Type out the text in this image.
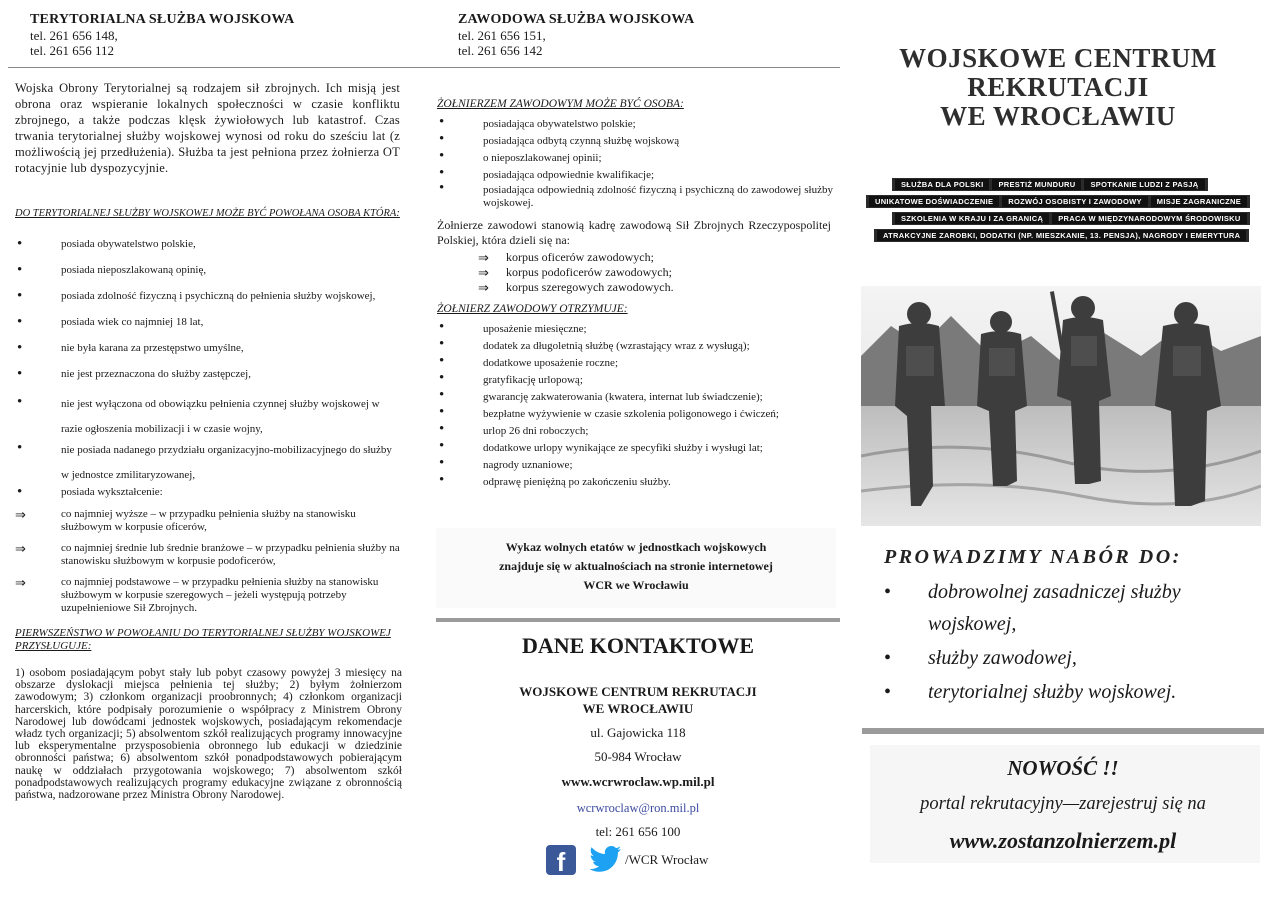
TERYTORIALNA SŁUŻBA WOJSKOWA
tel. 261 656 148,
tel. 261 656 112
ZAWODOWA SŁUŻBA WOJSKOWA
tel. 261 656 151,
tel. 261 656 142
Wojska Obrony Terytorialnej są rodzajem sił zbrojnych. Ich misją jest obrona oraz wspieranie lokalnych społeczności w czasie konfliktu zbrojnego, a także podczas klęsk żywiołowych lub katastrof. Czas trwania terytorialnej służby wojskowej wynosi od roku do sześciu lat (z możliwością jej przedłużenia). Służba ta jest pełniona przez żołnierza OT rotacyjnie lub dyspozycyjnie.
DO TERYTORIALNEJ SŁUŻBY WOJSKOWEJ MOŻE BYĆ POWOŁANA OSOBA KTÓRA:
• posiada obywatelstwo polskie,
• posiada nieposzlakowaną opinię,
• posiada zdolność fizyczną i psychiczną do pełnienia służby wojskowej,
• posiada wiek co najmniej 18 lat,
• nie była karana za przestępstwo umyślne,
• nie jest przeznaczona do służby zastępczej,
• nie jest wyłączona od obowiązku pełnienia czynnej służby wojskowej w razie ogłoszenia mobilizacji i w czasie wojny,
• nie posiada nadanego przydziału organizacyjno-mobilizacyjnego do służby w jednostce zmilitaryzowanej,
• posiada wykształcenie:
⇒ co najmniej wyższe – w przypadku pełnienia służby na stanowisku służbowym w korpusie oficerów,
⇒ co najmniej średnie lub średnie branżowe – w przypadku pełnienia służby na stanowisku służbowym w korpusie podoficerów,
⇒ co najmniej podstawowe – w przypadku pełnienia służby na stanowisku służbowym w korpusie szeregowych – jeżeli występują potrzeby uzupełnieniowe Sił Zbrojnych.
PIERWSZEŃSTWO W POWOŁANIU DO TERYTORIALNEJ SŁUŻBY WOJSKOWEJ PRZYSŁUGUJE:
1) osobom posiadającym pobyt stały lub pobyt czasowy powyżej 3 miesięcy na obszarze dyslokacji miejsca pełnienia tej służby; 2) byłym żołnierzom zawodowym; 3) członkom organizacji proobronnych; 4) członkom organizacji harcerskich, które podpisały porozumienie o współpracy z Ministrem Obrony Narodowej lub dowódcami jednostek wojskowych, posiadającym rekomendacje władz tych organizacji; 5) absolwentom szkół realizujących programy innowacyjne lub eksperymentalne przysposobienia obronnego lub edukacji w dziedzinie obronności państwa; 6) absolwentom szkół ponadpodstawowych pobierającym naukę w oddziałach przygotowania wojskowego; 7) absolwentom szkół ponadpodstawowych realizujących programy edukacyjne związane z obronnością państwa, nadzorowane przez Ministra Obrony Narodowej.
ŻOŁNIERZEM ZAWODOWYM MOŻE BYĆ OSOBA:
• posiadająca obywatelstwo polskie;
• posiadająca odbytą czynną służbę wojskową
• o nieposzlakowanej opinii;
• posiadająca odpowiednie kwalifikacje;
• posiadająca odpowiednią zdolność fizyczną i psychiczną do zawodowej służby wojskowej.
Żołnierze zawodowi stanowią kadrę zawodową Sił Zbrojnych Rzeczypospolitej Polskiej, która dzieli się na:
⇒ korpus oficerów zawodowych;
⇒ korpus podoficerów zawodowych;
⇒ korpus szeregowych zawodowych.
ŻOŁNIERZ ZAWODOWY OTRZYMUJE:
• uposażenie miesięczne;
• dodatek za długoletnią służbę (wzrastający wraz z wysługą);
• dodatkowe uposażenie roczne;
• gratyfikację urlopową;
• gwarancję zakwaterowania (kwatera, internat lub świadczenie);
• bezpłatne wyżywienie w czasie szkolenia poligonowego i ćwiczeń;
• urlop 26 dni roboczych;
• dodatkowe urlopy wynikające ze specyfiki służby i wysługi lat;
• nagrody uznaniowe;
• odprawę pieniężną po zakończeniu służby.
Wykaz wolnych etatów w jednostkach wojskowych
znajduje się w aktualnościach na stronie internetowej
WCR we Wrocławiu
DANE KONTAKTOWE
WOJSKOWE CENTRUM REKRUTACJI
WE WROCŁAWIU
ul. Gajowicka 118
50-984 Wrocław
www.wcrwroclaw.wp.mil.pl
wcrwroclaw@ron.mil.pl
tel: 261 656 100
f	/WCR Wrocław
WOJSKOWE CENTRUM
REKRUTACJI
WE WROCŁAWIU
SŁUŻBA DLA POLSKI	PRESTIŻ MUNDURU	SPOTKANIE LUDZI Z PASJĄ
UNIKATOWE DOŚWIADCZENIE	ROZWÓJ OSOBISTY I ZAWODOWY	MISJE ZAGRANICZNE
SZKOLENIA W KRAJU I ZA GRANICĄ	PRACA W MIĘDZYNARODOWYM ŚRODOWISKU
ATRAKCYJNE ZAROBKI, DODATKI (NP. MIESZKANIE, 13. PENSJA), NAGRODY I EMERYTURA
PROWADZIMY NABÓR DO:
• dobrowolnej zasadniczej służby wojskowej,
• służby zawodowej,
• terytorialnej służby wojskowej.
NOWOŚĆ !!
portal rekrutacyjny—zarejestruj się na
www.zostanzolnierzem.pl
